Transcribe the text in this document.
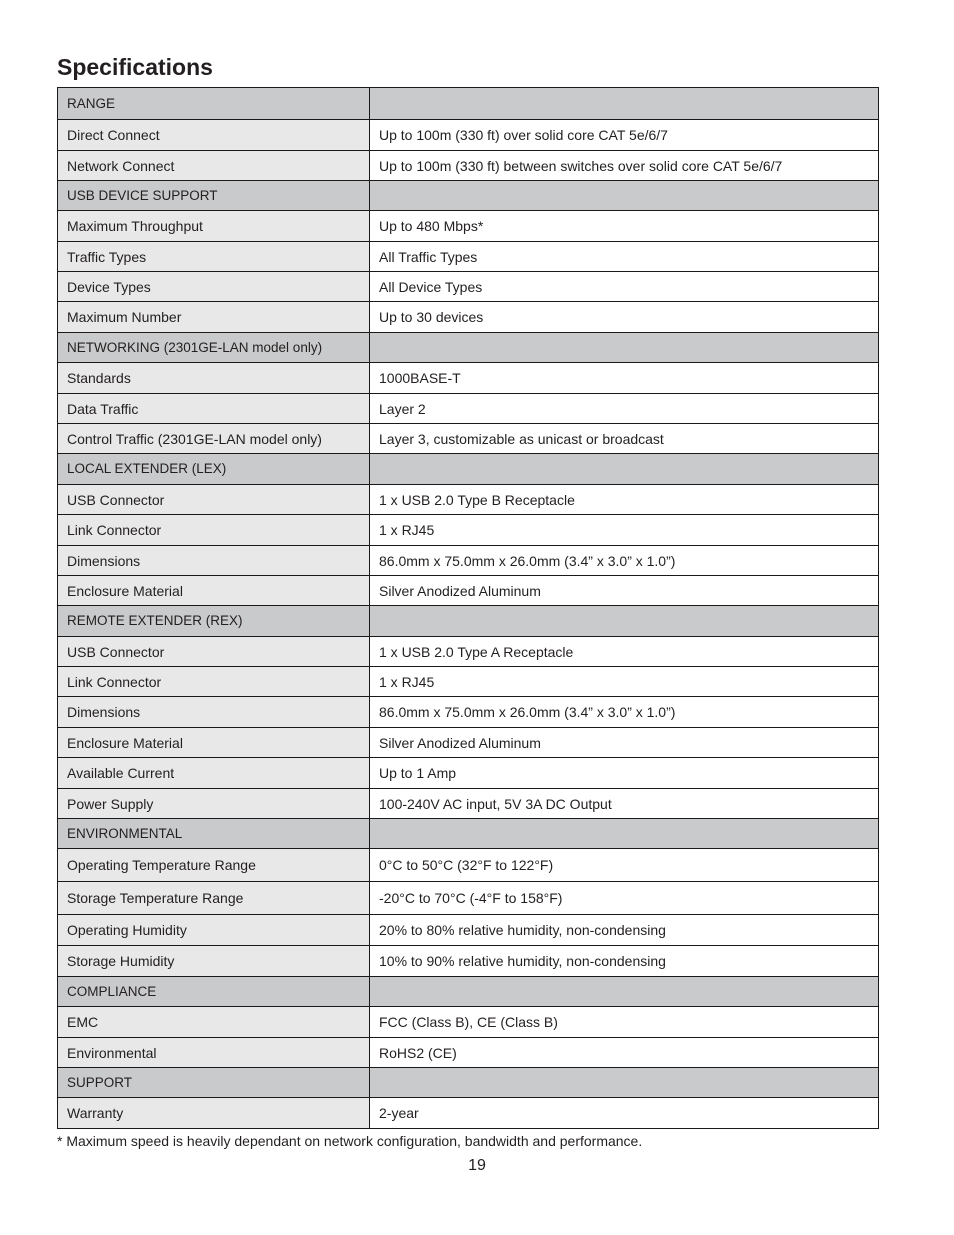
Specifications
RANGE	
Direct Connect	Up to 100m (330 ft) over solid core CAT 5e/6/7
Network Connect	Up to 100m (330 ft) between switches over solid core CAT 5e/6/7
USB DEVICE SUPPORT	
Maximum Throughput	Up to 480 Mbps*
Traffic Types	All Traffic Types
Device Types	All Device Types
Maximum Number	Up to 30 devices
NETWORKING (2301GE-LAN model only)	
Standards	1000BASE-T
Data Traffic	Layer 2
Control Traffic (2301GE-LAN model only)	Layer 3, customizable as unicast or broadcast
LOCAL EXTENDER (LEX)	
USB Connector	1 x USB 2.0 Type B Receptacle
Link Connector	1 x RJ45
Dimensions	86.0mm x 75.0mm x 26.0mm (3.4” x 3.0” x 1.0”)
Enclosure Material	Silver Anodized Aluminum
REMOTE EXTENDER (REX)	
USB Connector	1 x USB 2.0 Type A Receptacle
Link Connector	1 x RJ45
Dimensions	86.0mm x 75.0mm x 26.0mm (3.4” x 3.0” x 1.0”)
Enclosure Material	Silver Anodized Aluminum
Available Current	Up to 1 Amp
Power Supply	100-240V AC input, 5V 3A DC Output
ENVIRONMENTAL	
Operating Temperature Range	0°C to 50°C (32°F to 122°F)
Storage Temperature Range	-20°C to 70°C (-4°F to 158°F)
Operating Humidity	20% to 80% relative humidity, non-condensing
Storage Humidity	10% to 90% relative humidity, non-condensing
COMPLIANCE	
EMC	FCC (Class B), CE (Class B)
Environmental	RoHS2 (CE)
SUPPORT	
Warranty	2-year

* Maximum speed is heavily dependant on network configuration, bandwidth and performance.

19
